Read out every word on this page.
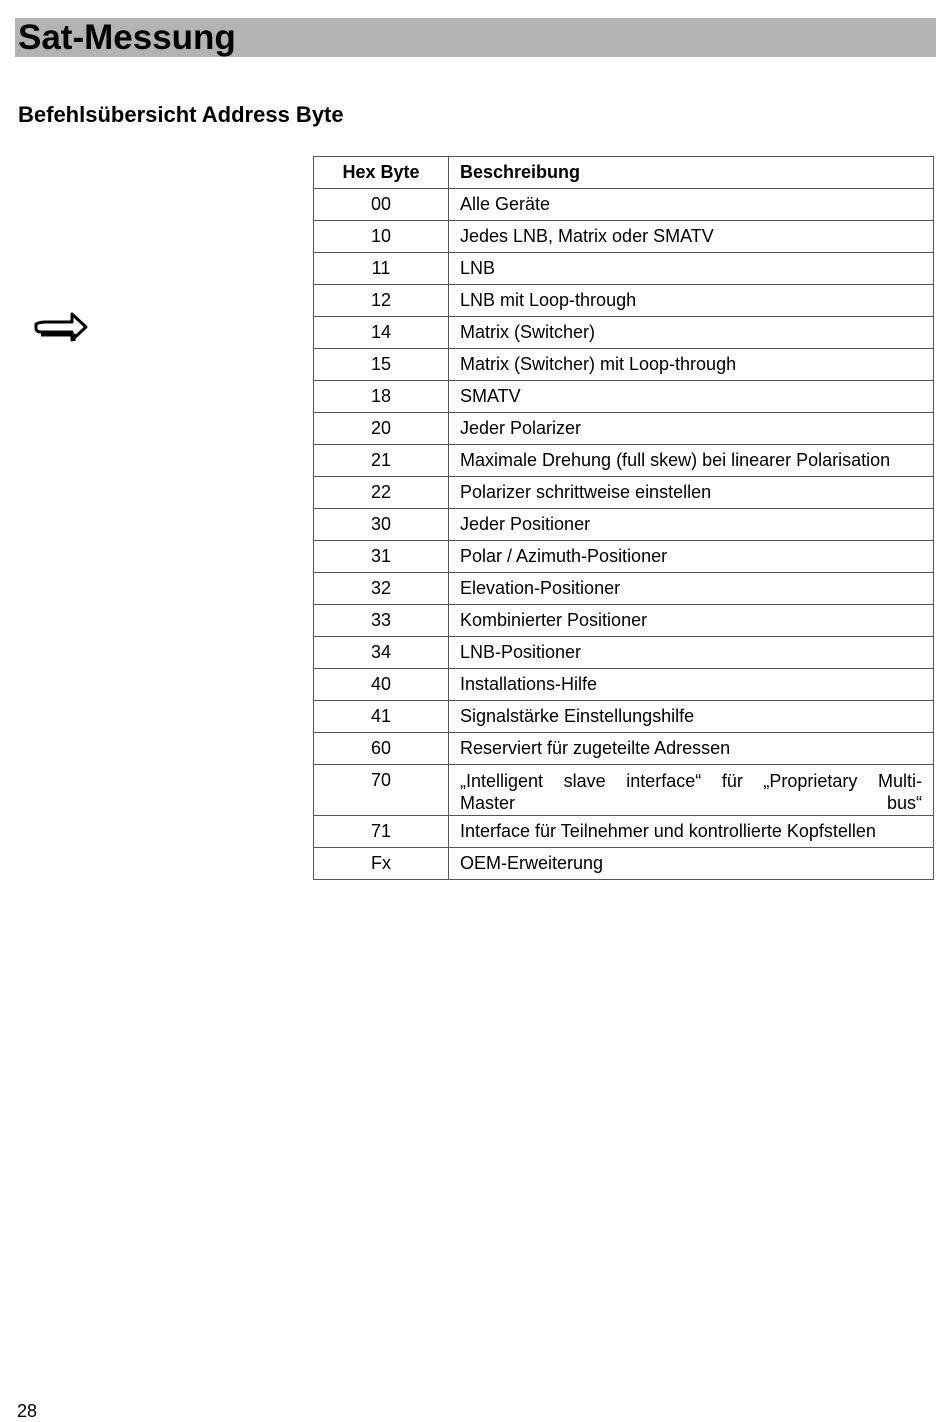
Sat-Messung
Befehlsübersicht Address Byte
Hex Byte	Beschreibung
00	Alle Geräte
10	Jedes LNB, Matrix oder SMATV
11	LNB
12	LNB mit Loop-through
14	Matrix (Switcher)
15	Matrix (Switcher) mit Loop-through
18	SMATV
20	Jeder Polarizer
21	Maximale Drehung (full skew) bei linearer Polarisation
22	Polarizer schrittweise einstellen
30	Jeder Positioner
31	Polar / Azimuth-Positioner
32	Elevation-Positioner
33	Kombinierter Positioner
34	LNB-Positioner
40	Installations-Hilfe
41	Signalstärke Einstellungshilfe
60	Reserviert für zugeteilte Adressen
70	„Intelligent slave interface“ für „Proprietary Multi-
Master bus“

71	Interface für Teilnehmer und kontrollierte Kopfstellen
Fx	OEM-Erweiterung
28
